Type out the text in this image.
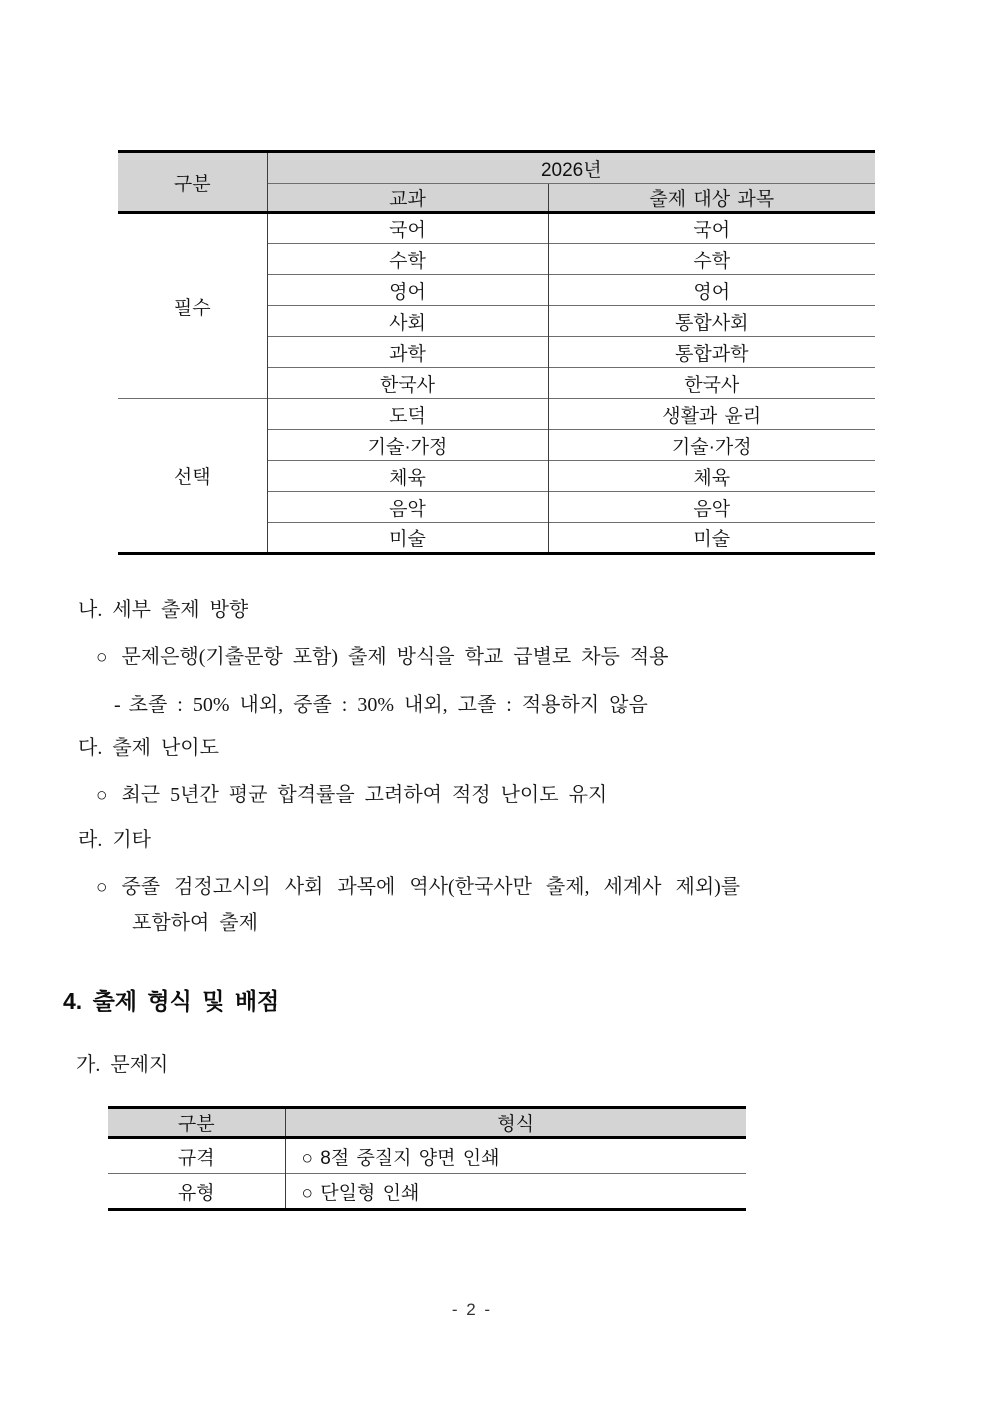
구분	2026년	
	교과	출제 대상 과목
필수	국어	국어
	수학	수학
	영어	영어
	사회	통합사회
	과학	통합과학
	한국사	한국사
선택	도덕	생활과 윤리
	기술·가정	기술·가정
	체육	체육
	음악	음악
	미술	미술
나. 세부 출제 방향
○ 문제은행(기출문항 포함) 출제 방식을 학교 급별로 차등 적용
- 초졸 : 50% 내외, 중졸 : 30% 내외, 고졸 : 적용하지 않음
다. 출제 난이도
○ 최근 5년간 평균 합격률을 고려하여 적정 난이도 유지
라. 기타
○ 중졸 검정고시의 사회 과목에 역사(한국사만 출제, 세계사 제외)를
포함하여 출제
4. 출제 형식 및 배점
가. 문제지
구분	형식
규격	○ 8절 중질지 양면 인쇄
유형	○ 단일형 인쇄
- 2 -
